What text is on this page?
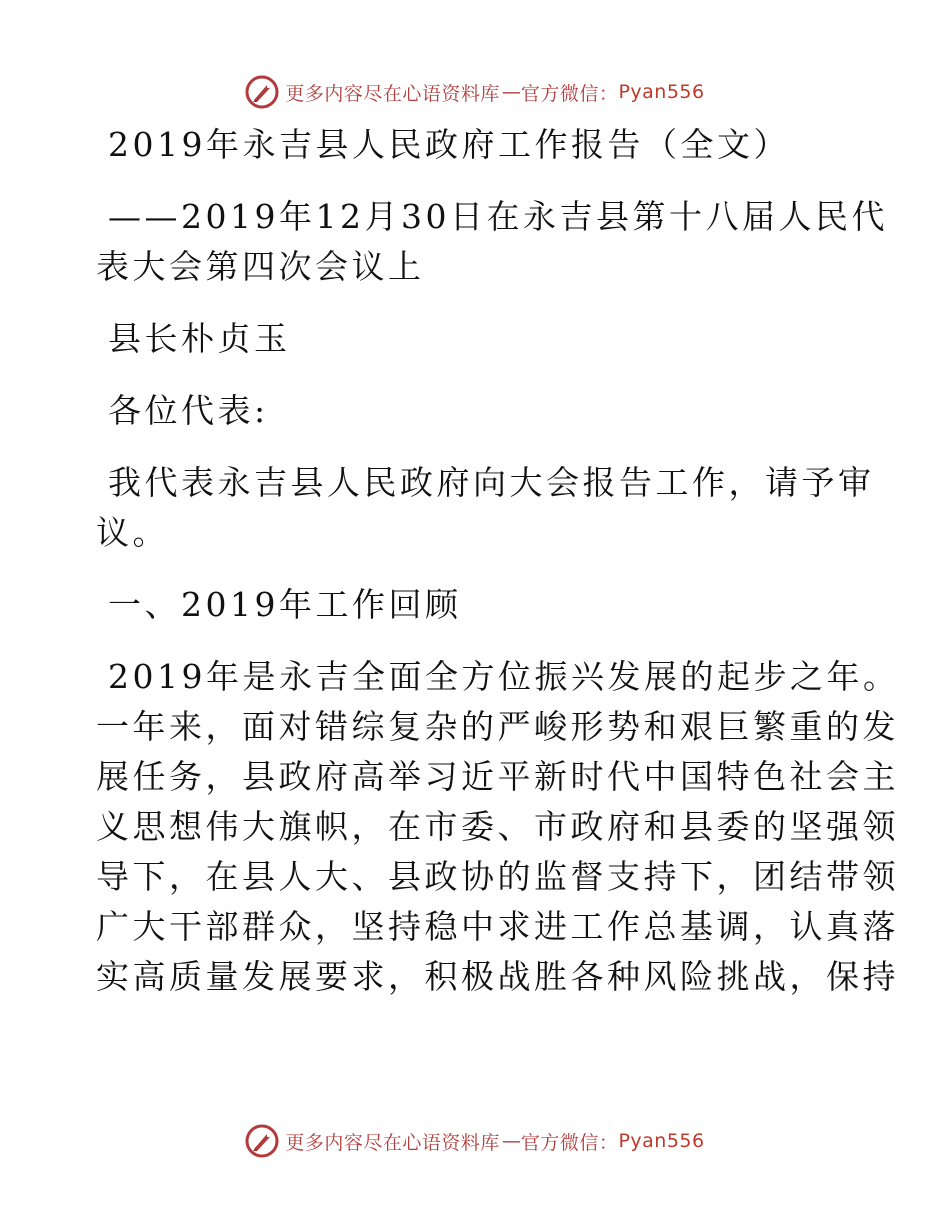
更多内容尽在心语资料库 — 官方微信： Pyan556
2019年永吉县人民政府工作报告（全文）
——2019年12月30日在永吉县第十八届人民代
表大会第四次会议上
县长朴贞玉
各位代表:
我代表永吉县人民政府向大会报告工作，请予审
议。
一、2019年工作回顾
2019年是永吉全面全方位振兴发展的起步之年。
一年来，面对错综复杂的严峻形势和艰巨繁重的发
展任务，县政府高举习近平新时代中国特色社会主
义思想伟大旗帜，在市委、市政府和县委的坚强领
导下，在县人大、县政协的监督支持下，团结带领
广大干部群众，坚持稳中求进工作总基调，认真落
实高质量发展要求，积极战胜各种风险挑战，保持
更多内容尽在心语资料库 — 官方微信： Pyan556
